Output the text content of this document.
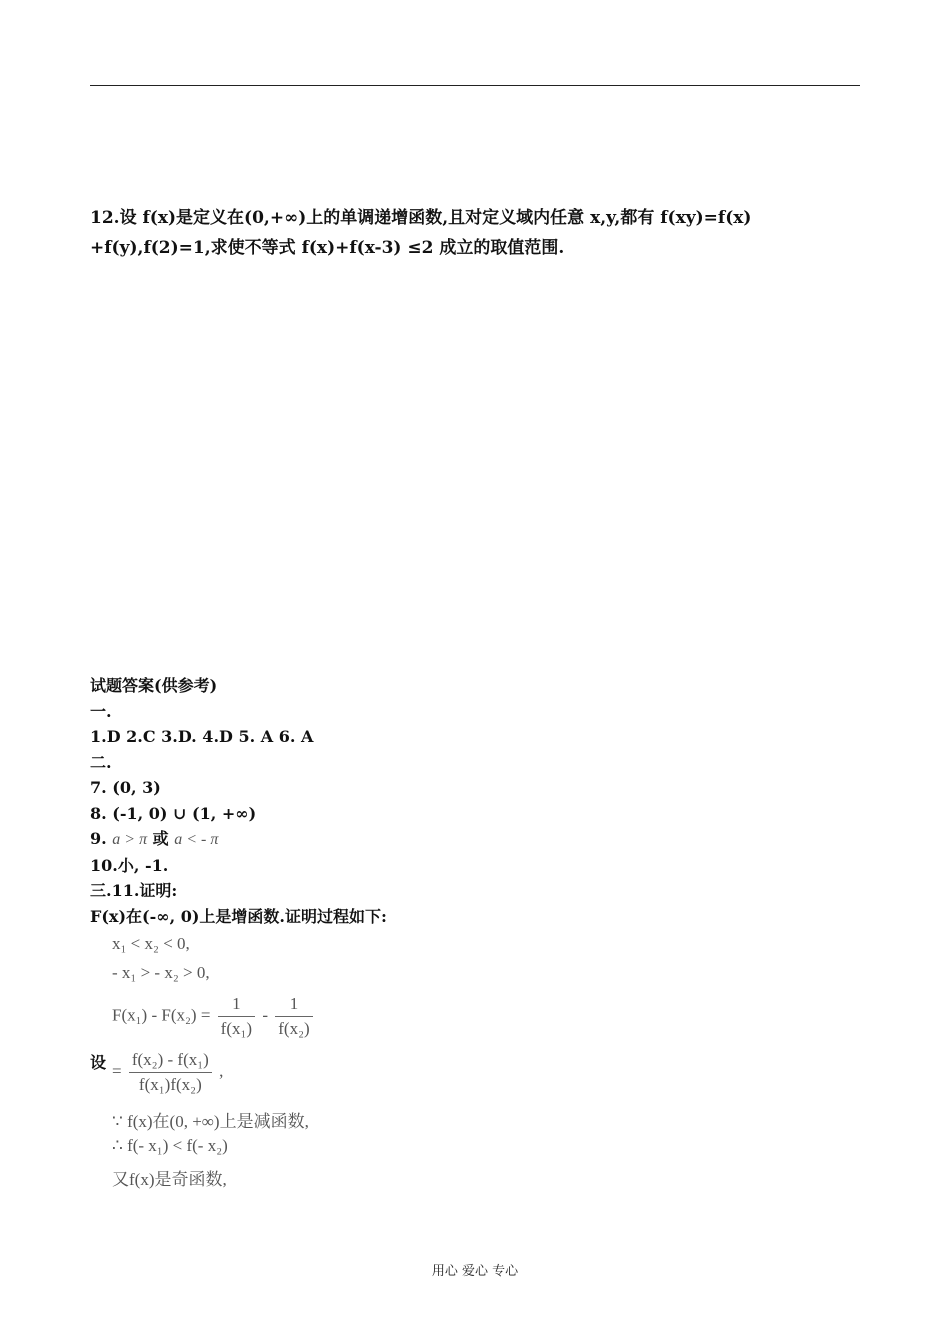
12.设 f(x)是定义在(0,+∞)上的单调递增函数,且对定义域内任意 x,y,都有 f(xy)=f(x)

+f(y),f(2)=1,求使不等式 f(x)+f(x-3) ≤2 成立的取值范围.

试题答案(供参考)

一.

1.D 2.C 3.D. 4.D 5. A 6. A

二.

7. (0, 3)

8. (-1, 0) ∪ (1, +∞)

9. a > π 或 a < - π

10.小, -1.

三.11.证明:

F(x)在(-∞, 0)上是增函数.证明过程如下:

x₁ < x₂ < 0,
- x₁ > - x₂ > 0,
$F(x_1) - F(x_2) = \frac{1}{\text{f(x₁)}} - \frac{1}{\text{f(x₂)}}$
设 = $\frac{\text{f(x₂) - f(x₁)}}{\text{f(x₁)f(x₂)}}$ ,
∵ f(x)在(0, +∞)上是减函数,
∴ f(- x₁) < f(- x₂)
又f(x)是奇函数,
用心 爱心 专心
